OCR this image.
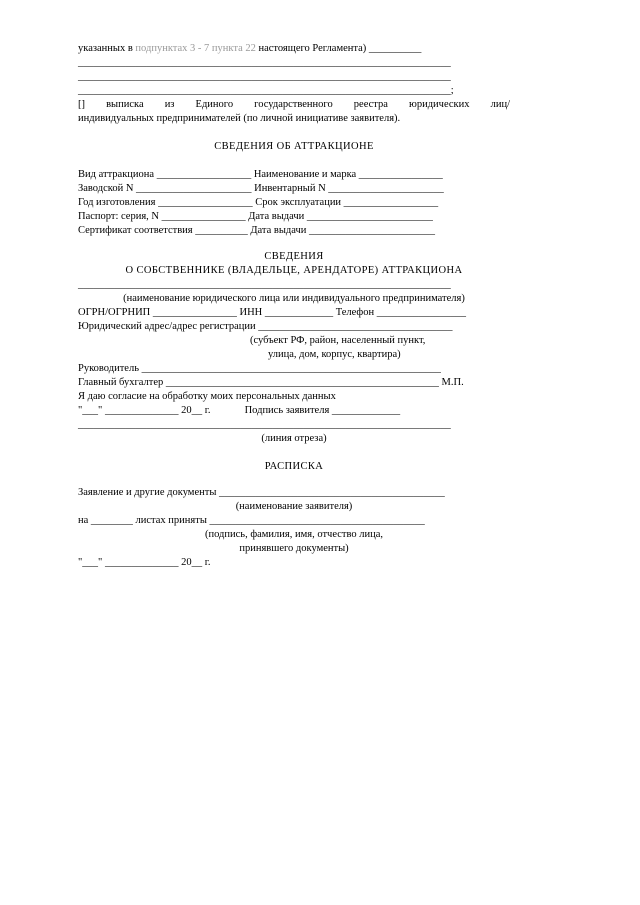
указанных в подпунктах 3 - 7 пункта 22 настоящего Регламента) __________
_______________________________________________________________________
_______________________________________________________________________
_______________________________________________________________________;
[] выписка из Единого государственного реестра юридических лиц/
индивидуальных предпринимателей (по личной инициативе заявителя).
СВЕДЕНИЯ ОБ АТТРАКЦИОНЕ
Вид аттракциона __________________ Наименование и марка ________________
Заводской N ______________________ Инвентарный N ______________________
Год изготовления __________________ Срок эксплуатации __________________
Паспорт: серия, N ________________ Дата выдачи ________________________
Сертификат соответствия __________ Дата выдачи ________________________
СВЕДЕНИЯ
О СОБСТВЕННИКЕ (ВЛАДЕЛЬЦЕ, АРЕНДАТОРЕ) АТТРАКЦИОНА
_______________________________________________________________________
(наименование юридического лица или индивидуального предпринимателя)
ОГРН/ОГРНИП ________________ ИНН _____________ Телефон _________________
Юридический адрес/адрес регистрации _____________________________________
(субъект РФ, район, населенный пункт,
улица, дом, корпус, квартира)
Руководитель _________________________________________________________
Главный бухгалтер ____________________________________________________ М.П.
Я даю согласие на обработку моих персональных данных
"___" ______________ 20__ г.             Подпись заявителя _____________
_______________________________________________________________________
(линия отреза)
РАСПИСКА
Заявление и другие документы ___________________________________________
(наименование заявителя)
на ________ листах приняты _________________________________________
(подпись, фамилия, имя, отчество лица,
принявшего документы)
"___" ______________ 20__ г.
